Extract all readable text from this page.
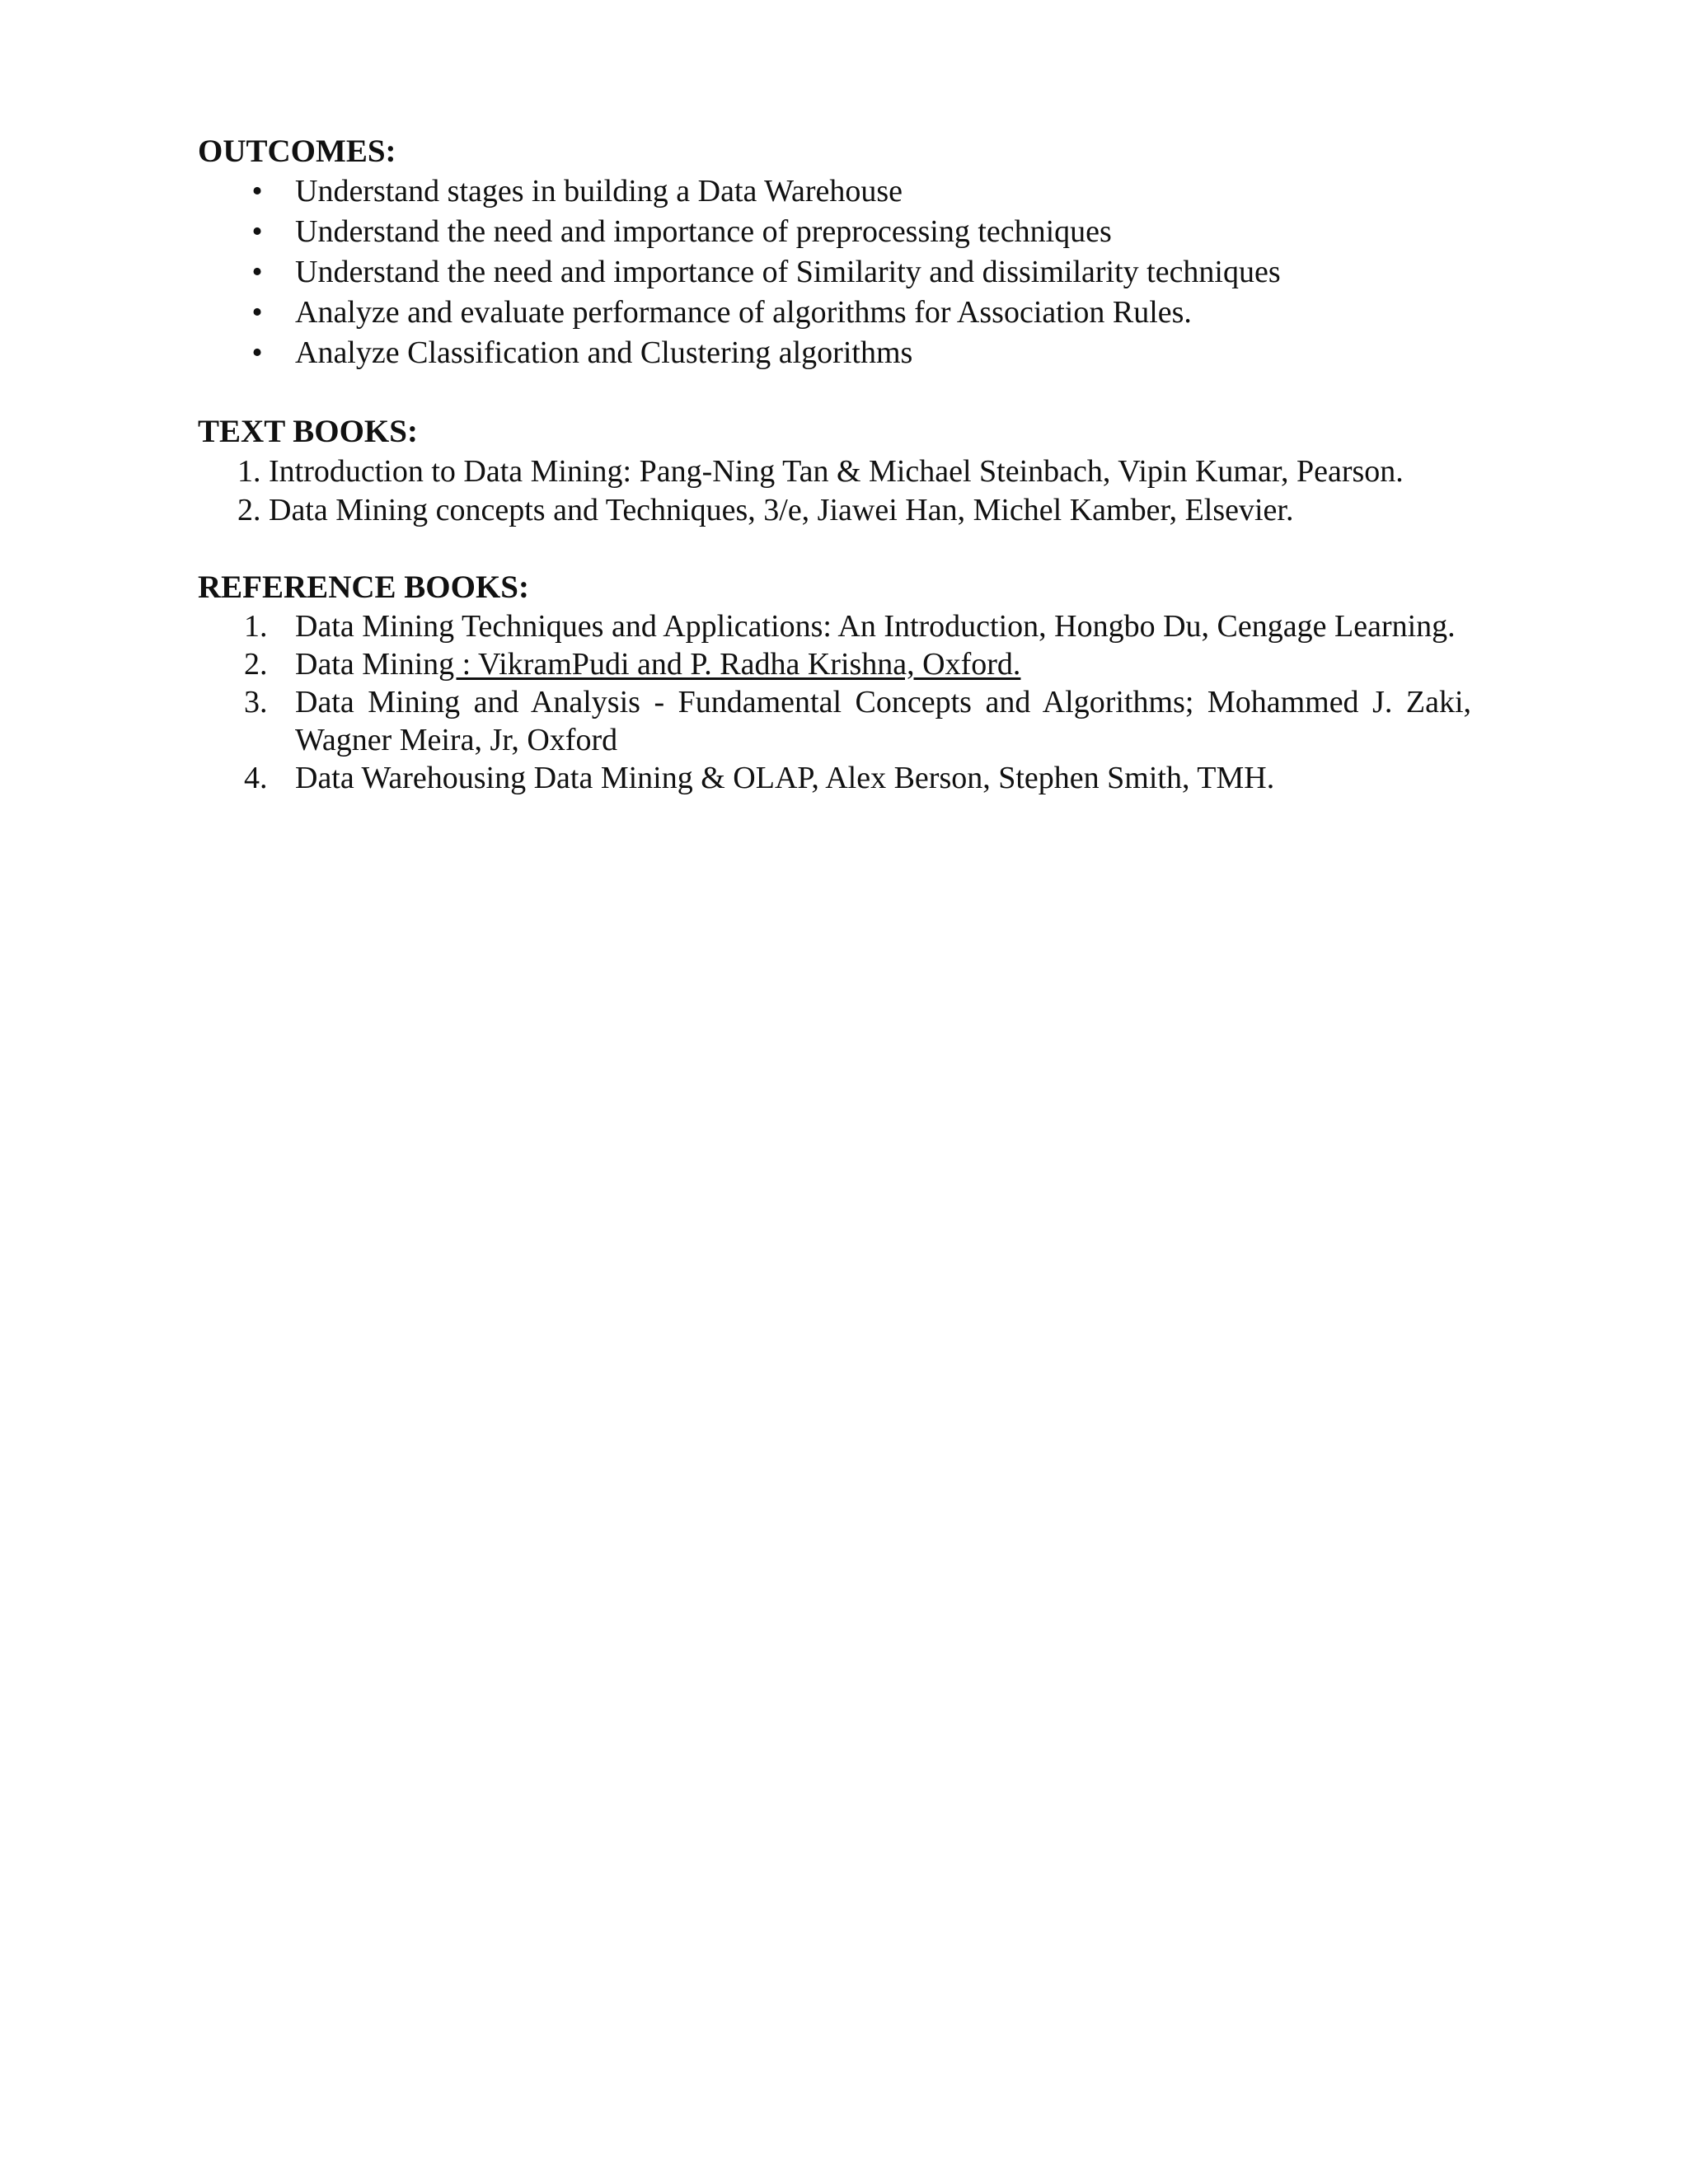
OUTCOMES:

• Understand stages in building a Data Warehouse
• Understand the need and importance of preprocessing techniques
• Understand the need and importance of Similarity and dissimilarity techniques
• Analyze and evaluate performance of algorithms for Association Rules.
• Analyze Classification and Clustering algorithms

TEXT BOOKS:

1. Introduction to Data Mining: Pang-Ning Tan & Michael Steinbach, Vipin Kumar, Pearson.
2. Data Mining concepts and Techniques, 3/e, Jiawei Han, Michel Kamber, Elsevier.

REFERENCE BOOKS:

1. Data Mining Techniques and Applications: An Introduction, Hongbo Du, Cengage Learning.
2. Data Mining : VikramPudi and P. Radha Krishna, Oxford.
3. Data Mining and Analysis - Fundamental Concepts and Algorithms; Mohammed J. Zaki, Wagner Meira, Jr, Oxford
4. Data Warehousing Data Mining & OLAP, Alex Berson, Stephen Smith, TMH.
